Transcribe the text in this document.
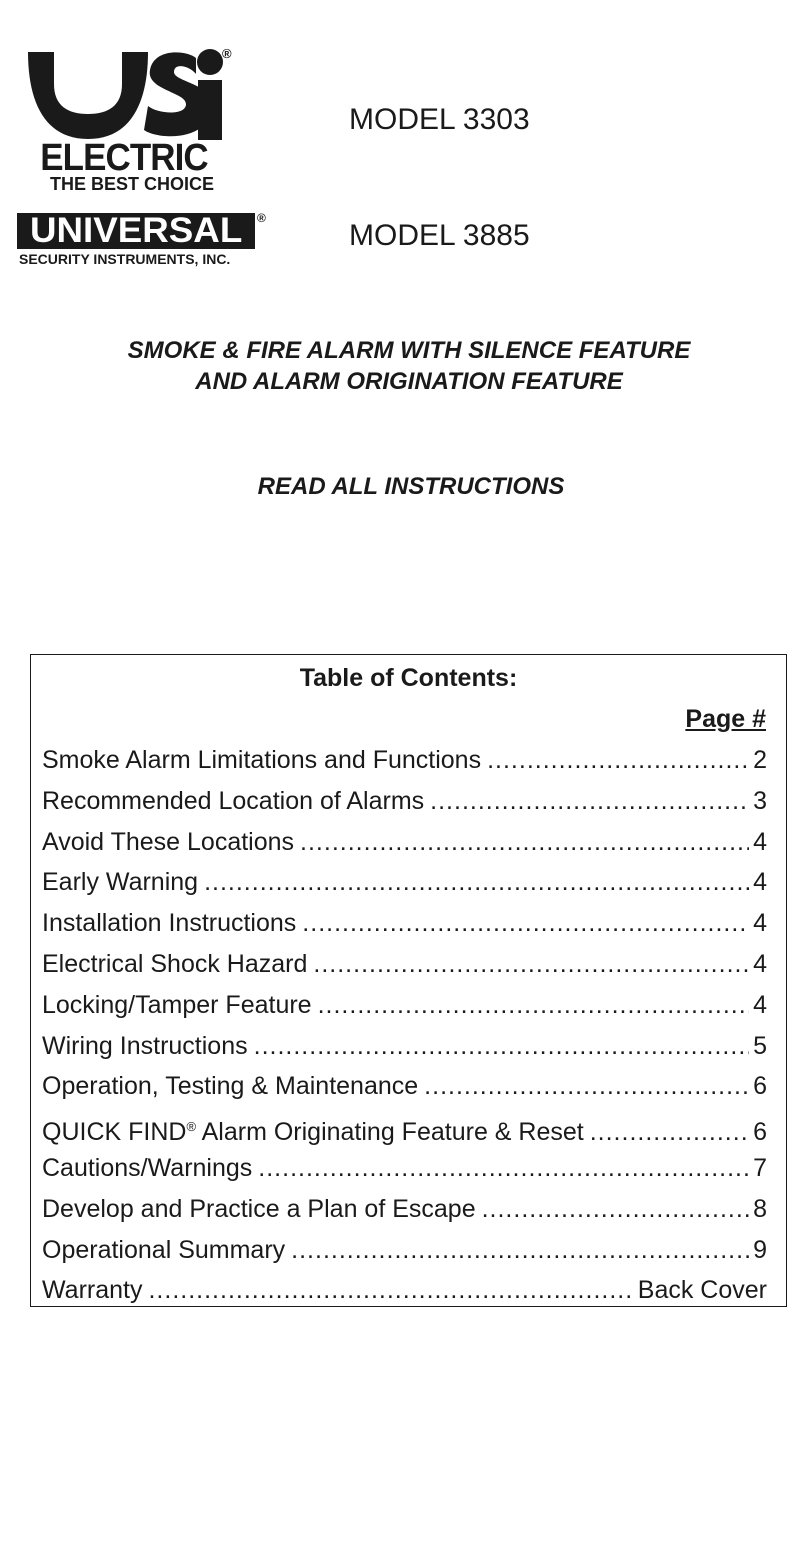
®
ELECTRIC
THE BEST CHOICE
UNIVERSAL	®
SECURITY INSTRUMENTS, INC.
MODEL 3303
MODEL 3885
SMOKE & FIRE ALARM WITH SILENCE FEATURE
AND ALARM ORIGINATION FEATURE
READ ALL INSTRUCTIONS
Table of Contents:
Page #
Smoke Alarm Limitations and Functions .....	2
Recommended Location of Alarms .....	3
Avoid These Locations .....	4
Early Warning .....	4
Installation Instructions .....	4
Electrical Shock Hazard .....	4
Locking/Tamper Feature .....	4
Wiring Instructions .....	5
Operation, Testing & Maintenance .....	6
QUICK FIND® Alarm Originating Feature & Reset .....	6
Cautions/Warnings .....	7
Develop and Practice a Plan of Escape .....	8
Operational Summary .....	9
Warranty .....	Back Cover
